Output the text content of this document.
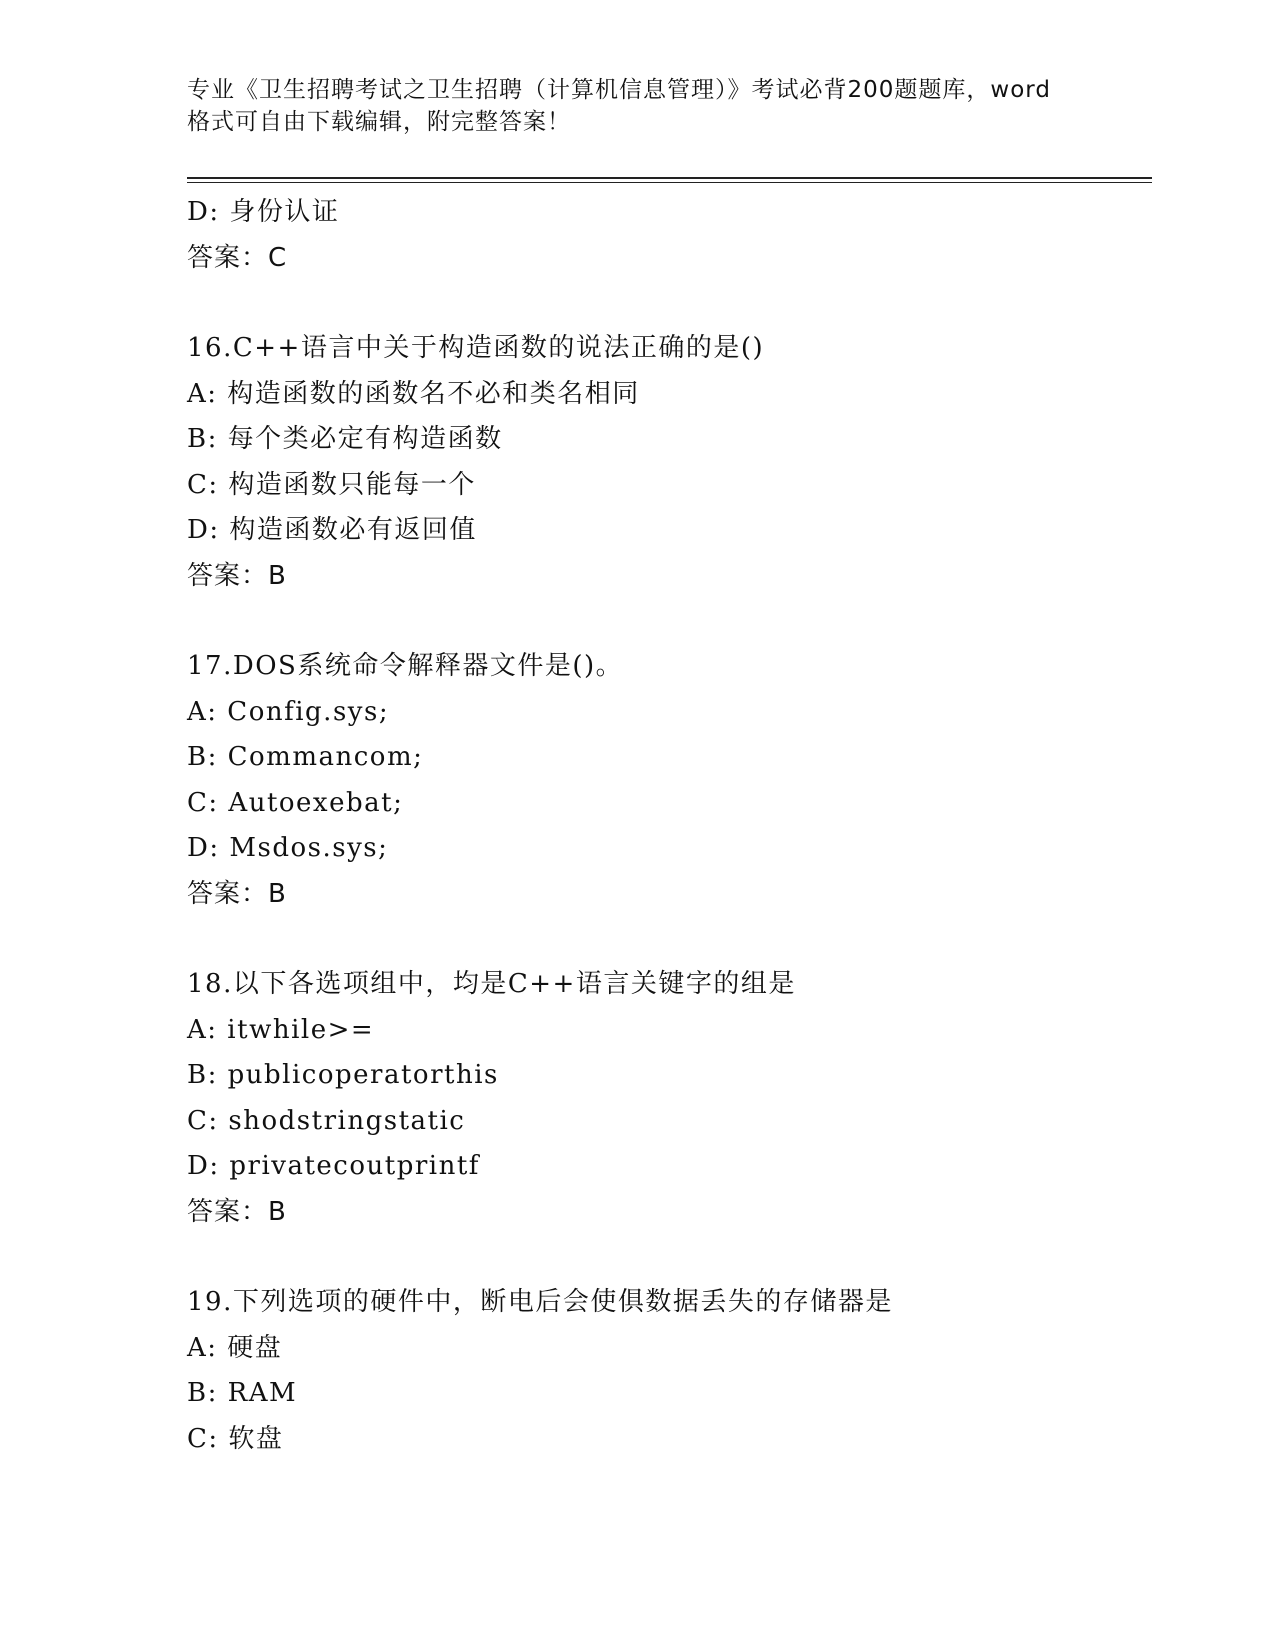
专业《卫生招聘考试之卫生招聘（计算机信息管理）》考试必背200题题库，word
格式可自由下载编辑，附完整答案！
D: 身份认证
答案：C
16.C++语言中关于构造函数的说法正确的是()
A: 构造函数的函数名不必和类名相同
B: 每个类必定有构造函数
C: 构造函数只能每一个
D: 构造函数必有返回值
答案：B
17.DOS系统命令解释器文件是()。
A: Config.sys;
B: Commancom;
C: Autoexebat;
D: Msdos.sys;
答案：B
18.以下各选项组中，均是C++语言关键字的组是
A: itwhile>=
B: publicoperatorthis
C: shodstringstatic
D: privatecoutprintf
答案：B
19.下列选项的硬件中，断电后会使俱数据丢失的存储器是
A: 硬盘
B: RAM
C: 软盘
